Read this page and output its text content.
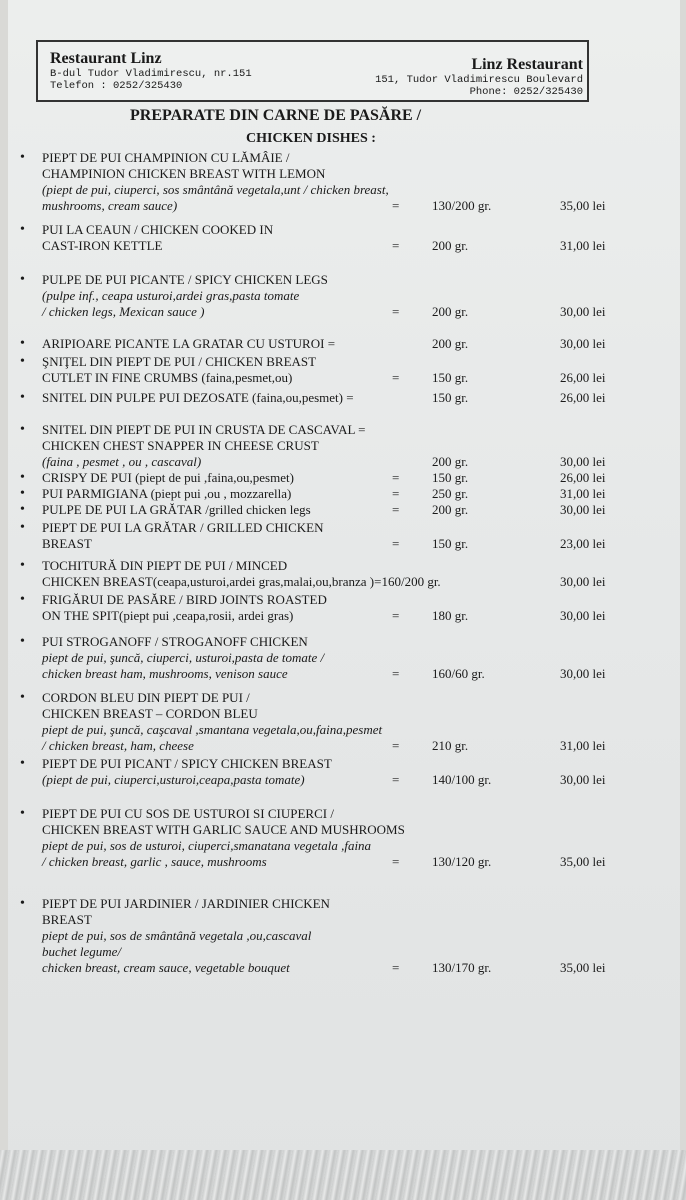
Restaurant Linz
B-dul Tudor Vladimirescu, nr.151
Telefon : 0252/325430
Linz Restaurant
151, Tudor Vladimirescu Boulevard
Phone: 0252/325430
PREPARATE DIN CARNE DE PASĂRE /
CHICKEN DISHES :
• PIEPT DE PUI CHAMPINION CU LĂMÂIE /
CHAMPINION CHICKEN BREAST WITH LEMON
(piept de pui, ciuperci, sos smântână vegetala,unt / chicken breast,
mushrooms, cream sauce)	=	130/200 gr.	35,00 lei
• PUI LA CEAUN / CHICKEN COOKED IN
CAST-IRON KETTLE	=	200 gr.	31,00 lei
• PULPE DE PUI PICANTE / SPICY CHICKEN LEGS
(pulpe inf., ceapa usturoi,ardei gras,pasta tomate
/ chicken legs, Mexican sauce )	=	200 gr.	30,00 lei
• ARIPIOARE PICANTE LA GRATAR CU USTUROI =	200 gr.	30,00 lei
• ŞNIŢEL DIN PIEPT DE PUI / CHICKEN BREAST
CUTLET IN FINE CRUMBS (faina,pesmet,ou)	=	150 gr.	26,00 lei
• SNITEL DIN PULPE PUI DEZOSATE (faina,ou,pesmet) =	150 gr.	26,00 lei
• SNITEL DIN PIEPT DE PUI IN CRUSTA DE CASCAVAL =
CHICKEN CHEST SNAPPER IN CHEESE CRUST
(faina , pesmet , ou , cascaval)	200 gr.	30,00 lei
• CRISPY DE PUI (piept de pui ,faina,ou,pesmet)	=	150 gr.	26,00 lei
• PUI PARMIGIANA (piept pui ,ou , mozzarella)	=	250 gr.	31,00 lei
• PULPE DE PUI LA GRĂTAR /grilled chicken legs	=	200 gr.	30,00 lei
• PIEPT DE PUI LA GRĂTAR / GRILLED CHICKEN
BREAST	=	150 gr.	23,00 lei
• TOCHITURĂ DIN PIEPT DE PUI / MINCED
CHICKEN BREAST(ceapa,usturoi,ardei gras,malai,ou,branza )=160/200 gr.	30,00 lei
• FRIGĂRUI DE PASĂRE / BIRD JOINTS ROASTED
ON THE SPIT(piept pui ,ceapa,rosii, ardei gras)	=	180 gr.	30,00 lei
• PUI STROGANOFF / STROGANOFF CHICKEN
piept de pui, şuncă, ciuperci, usturoi,pasta de tomate /
chicken breast ham, mushrooms, venison sauce	=	160/60 gr.	30,00 lei
• CORDON BLEU DIN PIEPT DE PUI /
CHICKEN BREAST – CORDON BLEU
piept de pui, şuncă, caşcaval ,smantana vegetala,ou,faina,pesmet
/ chicken breast, ham, cheese	=	210 gr.	31,00 lei
• PIEPT DE PUI PICANT / SPICY CHICKEN BREAST
(piept de pui, ciuperci,usturoi,ceapa,pasta tomate)	=	140/100 gr.	30,00 lei
• PIEPT DE PUI CU SOS DE USTUROI SI CIUPERCI /
CHICKEN BREAST WITH GARLIC SAUCE AND MUSHROOMS
piept de pui, sos de usturoi, ciuperci,smanatana vegetala ,faina
/ chicken breast, garlic , sauce, mushrooms	=	130/120 gr.	35,00 lei
• PIEPT DE PUI JARDINIER / JARDINIER CHICKEN
BREAST
piept de pui, sos de smântână vegetala ,ou,cascaval
buchet legume/
chicken breast, cream sauce, vegetable bouquet	=	130/170 gr.	35,00 lei
